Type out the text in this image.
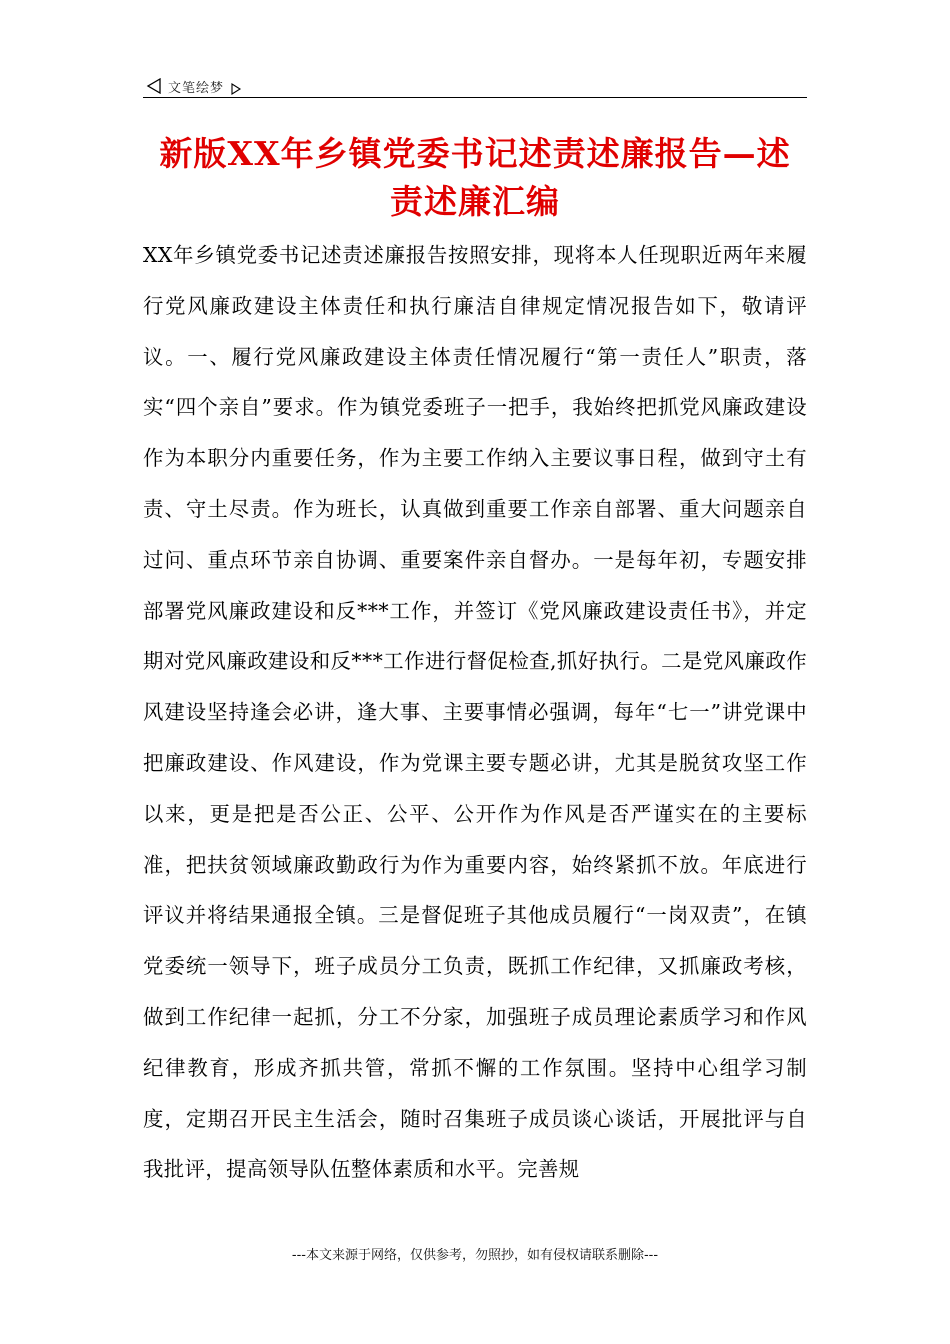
文笔绘梦
新版XX年乡镇党委书记述责述廉报告—述责述廉汇编

XX年乡镇党委书记述责述廉报告按照安排，现将本人任现职近两年来履行党风廉政建设主体责任和执行廉洁自律规定情况报告如下，敬请评议。一、履行党风廉政建设主体责任情况履行“第一责任人”职责，落实“四个亲自”要求。作为镇党委班子一把手，我始终把抓党风廉政建设作为本职分内重要任务，作为主要工作纳入主要议事日程，做到守土有责、守土尽责。作为班长，认真做到重要工作亲自部署、重大问题亲自过问、重点环节亲自协调、重要案件亲自督办。一是每年初，专题安排部署党风廉政建设和反***工作，并签订《党风廉政建设责任书》，并定期对党风廉政建设和反***工作进行督促检查,抓好执行。二是党风廉政作风建设坚持逢会必讲，逢大事、主要事情必强调，每年“七一”讲党课中把廉政建设、作风建设，作为党课主要专题必讲，尤其是脱贫攻坚工作以来，更是把是否公正、公平、公开作为作风是否严谨实在的主要标准，把扶贫领域廉政勤政行为作为重要内容，始终紧抓不放。年底进行评议并将结果通报全镇。三是督促班子其他成员履行“一岗双责”，在镇党委统一领导下，班子成员分工负责，既抓工作纪律，又抓廉政考核，做到工作纪律一起抓，分工不分家，加强班子成员理论素质学习和作风纪律教育，形成齐抓共管，常抓不懈的工作氛围。坚持中心组学习制度，定期召开民主生活会，随时召集班子成员谈心谈话，开展批评与自我批评，提高领导队伍整体素质和水平。完善规

---本文来源于网络，仅供参考，勿照抄，如有侵权请联系删除---
